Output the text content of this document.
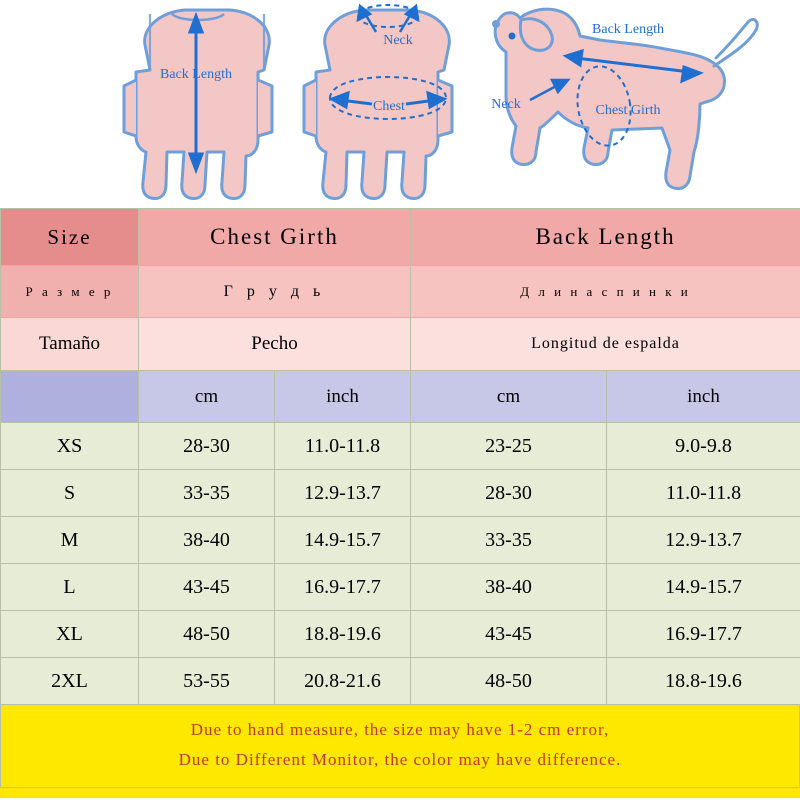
Back Length
Neck
Chest
Back Length
Neck	Chest Girth
Size	Chest Girth		Back Length	
Р а з м е р	Г р у д ь		Д л и н а с п и н к и	
Tamaño	Pecho		Longitud de espalda	
	cm	inch	cm	inch
XS	28-30	11.0-11.8	23-25	9.0-9.8
S	33-35	12.9-13.7	28-30	11.0-11.8
M	38-40	14.9-15.7	33-35	12.9-13.7
L	43-45	16.9-17.7	38-40	14.9-15.7
XL	48-50	18.8-19.6	43-45	16.9-17.7
2XL	53-55	20.8-21.6	48-50	18.8-19.6
Due to hand measure, the size may have 1-2 cm error,
Due to Different Monitor, the color may have difference.
